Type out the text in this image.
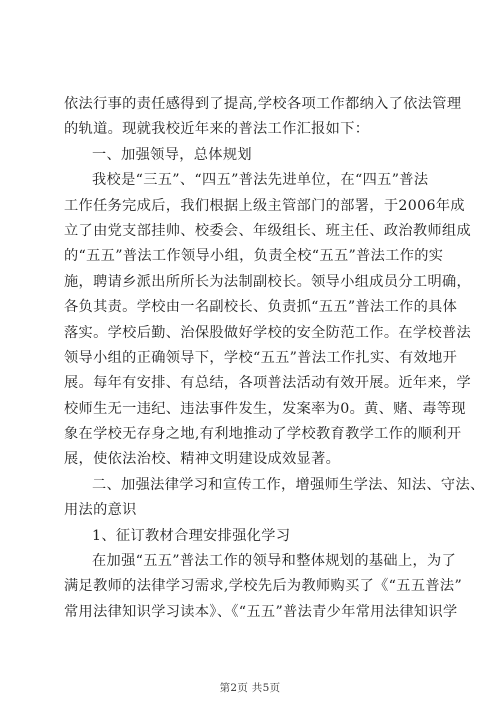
依法行事的责任感得到了提高,学校各项工作都纳入了依法管理
的轨道。现就我校近年来的普法工作汇报如下：
一、加强领导，总体规划
我校是“三五”、“四五”普法先进单位，在“四五”普法
工作任务完成后，我们根据上级主管部门的部署，于2006年成
立了由党支部挂帅、校委会、年级组长、班主任、政治教师组成
的“五五”普法工作领导小组，负责全校“五五”普法工作的实
施，聘请乡派出所所长为法制副校长。领导小组成员分工明确，
各负其责。学校由一名副校长、负责抓“五五”普法工作的具体
落实。学校后勤、治保股做好学校的安全防范工作。在学校普法
领导小组的正确领导下，学校“五五”普法工作扎实、有效地开
展。每年有安排、有总结，各项普法活动有效开展。近年来，学
校师生无一违纪、违法事件发生，发案率为0。黄、赌、毒等现
象在学校无存身之地,有利地推动了学校教育教学工作的顺利开
展，使依法治校、精神文明建设成效显著。
二、加强法律学习和宣传工作，增强师生学法、知法、守法、
用法的意识
1、征订教材合理安排强化学习
在加强“五五”普法工作的领导和整体规划的基础上，为了
满足教师的法律学习需求,学校先后为教师购买了《“五五普法”
常用法律知识学习读本》、《“五五”普法青少年常用法律知识学
第2页 共5页
